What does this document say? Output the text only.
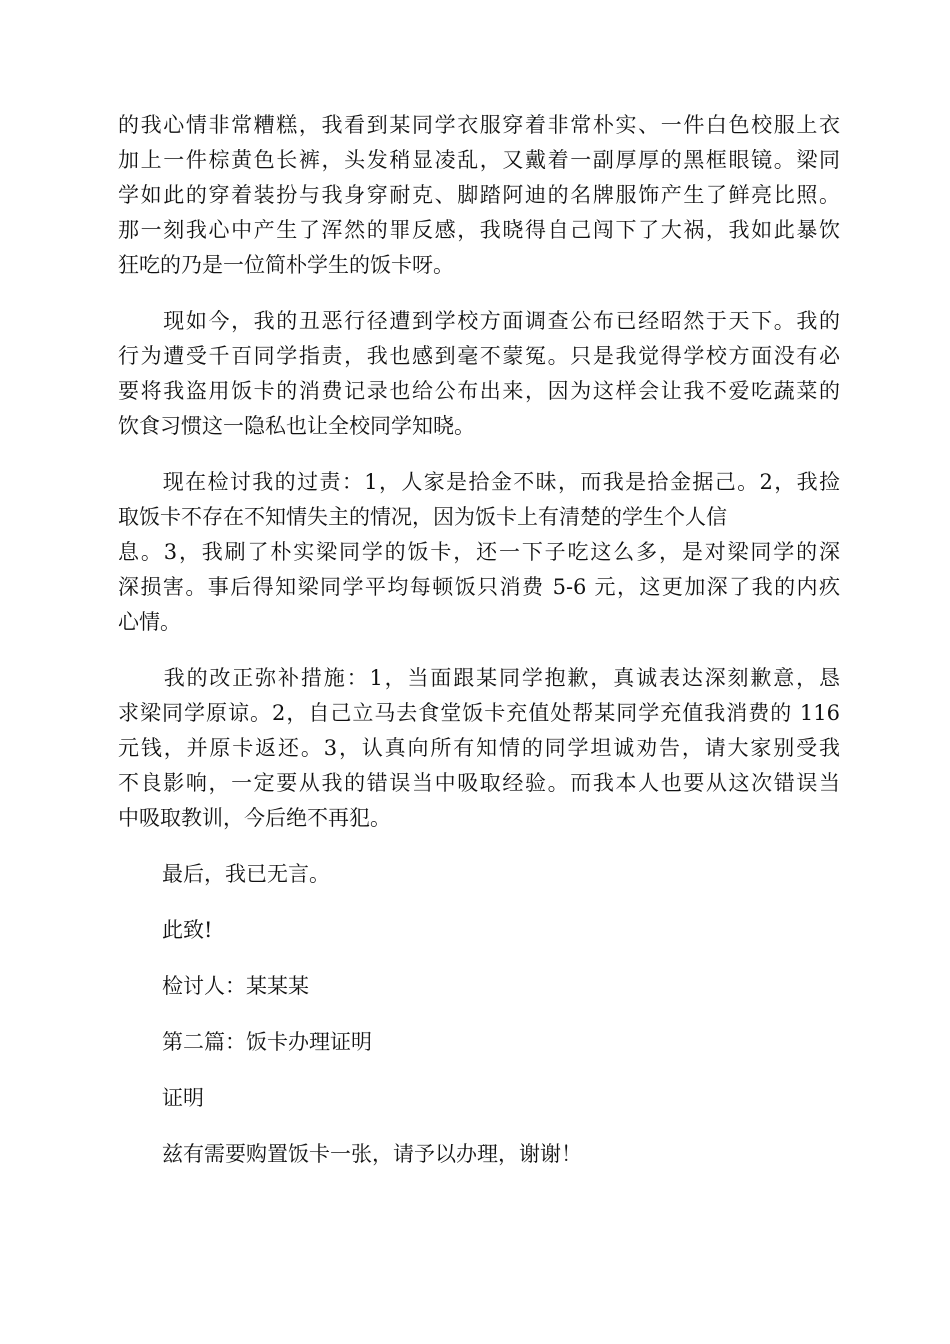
的我心情非常糟糕，我看到某同学衣服穿着非常朴实、一件白色校服上衣
加上一件棕黄色长裤，头发稍显凌乱，又戴着一副厚厚的黑框眼镜。梁同
学如此的穿着装扮与我身穿耐克、脚踏阿迪的名牌服饰产生了鲜亮比照。
那一刻我心中产生了浑然的罪反感，我晓得自己闯下了大祸，我如此暴饮
狂吃的乃是一位简朴学生的饭卡呀。

　　现如今，我的丑恶行径遭到学校方面调查公布已经昭然于天下。我的
行为遭受千百同学指责，我也感到毫不蒙冤。只是我觉得学校方面没有必
要将我盗用饭卡的消费记录也给公布出来，因为这样会让我不爱吃蔬菜的
饮食习惯这一隐私也让全校同学知晓。

　　现在检讨我的过责：1，人家是拾金不昧，而我是拾金据己。2，我捡
取饭卡不存在不知情失主的情况，因为饭卡上有清楚的学生个人信
息。3，我刷了朴实梁同学的饭卡，还一下子吃这么多，是对梁同学的深
深损害。事后得知梁同学平均每顿饭只消费 5-6 元，这更加深了我的内疚
心情。

　　我的改正弥补措施：1，当面跟某同学抱歉，真诚表达深刻歉意，恳
求梁同学原谅。2，自己立马去食堂饭卡充值处帮某同学充值我消费的 116
元钱，并原卡返还。3，认真向所有知情的同学坦诚劝告，请大家别受我
不良影响，一定要从我的错误当中吸取经验。而我本人也要从这次错误当
中吸取教训，今后绝不再犯。

最后，我已无言。

此致!

检讨人：某某某

第二篇：饭卡办理证明

证明

兹有需要购置饭卡一张，请予以办理，谢谢！
